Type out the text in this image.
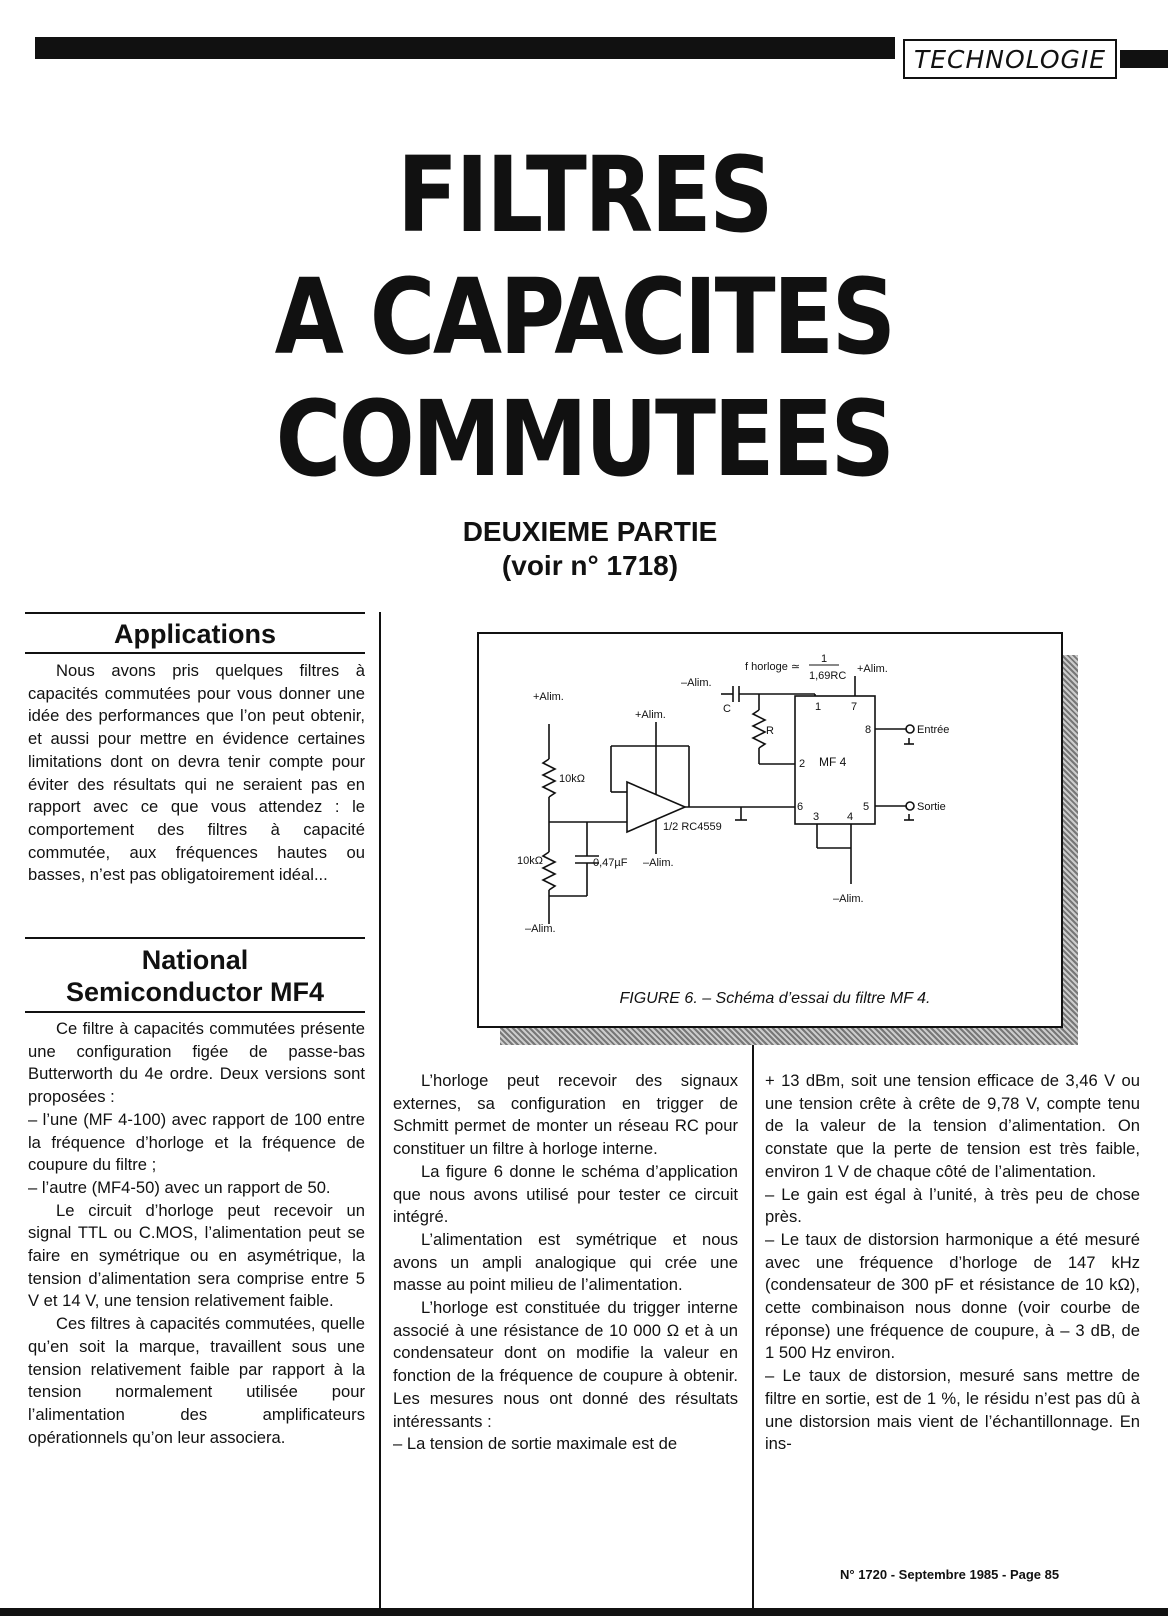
TECHNOLOGIE
FILTRES
A CAPACITES
COMMUTEES
DEUXIEME PARTIE
(voir n° 1718)
Applications

Nous avons pris quelques filtres à capacités commutées pour vous donner une idée des performances que l’on peut obtenir, et aussi pour mettre en évidence certaines limitations dont on devra tenir compte pour éviter des résultats qui ne seraient pas en rapport avec ce que vous attendez : le comportement des filtres à capacité commutée, aux fréquences hautes ou basses, n’est pas obligatoirement idéal...

National
Semiconductor MF4

Ce filtre à capacités commutées présente une configuration figée de passe-bas Butterworth du 4e ordre. Deux versions sont proposées :

– l’une (MF 4-100) avec rapport de 100 entre la fréquence d’horloge et la fréquence de coupure du filtre ;

– l’autre (MF4-50) avec un rapport de 50.

Le circuit d’horloge peut recevoir un signal TTL ou C.MOS, l’alimentation peut se faire en symétrique ou en asymétrique, la tension d’alimentation sera comprise entre 5 V et 14 V, une tension relativement faible.

Ces filtres à capacités commutées, quelle qu’en soit la marque, travaillent sous une tension relativement faible par rapport à la tension normalement utilisée pour l’alimentation des amplificateurs opérationnels qu’on leur associera.

+Alim.
+Alim.
+Alim.
–Alim.
–Alim.
–Alim.
–Alim.
10kΩ
10kΩ	0,47µF
1/2 RC4559
MF 4
C
R
f horloge ≃
1
1,69RC
Entrée
Sortie
1
2
3	4
5
6
7
8
FIGURE 6. – Schéma d’essai du filtre MF 4.

L’horloge peut recevoir des signaux externes, sa configuration en trigger de Schmitt permet de monter un réseau RC pour constituer un filtre à horloge interne.

La figure 6 donne le schéma d’application que nous avons utilisé pour tester ce circuit intégré.

L’alimentation est symétrique et nous avons un ampli analogique qui crée une masse au point milieu de l’alimentation.

L’horloge est constituée du trigger interne associé à une résistance de 10 000 Ω et à un condensateur dont on modifie la valeur en fonction de la fréquence de coupure à obtenir. Les mesures nous ont donné des résultats intéressants :

– La tension de sortie maximale est de

+ 13 dBm, soit une tension efficace de 3,46 V ou une tension crête à crête de 9,78 V, compte tenu de la valeur de la tension d’alimentation. On constate que la perte de tension est très faible, environ 1 V de chaque côté de l’alimentation.

– Le gain est égal à l’unité, à très peu de chose près.

– Le taux de distorsion harmonique a été mesuré avec une fréquence d’horloge de 147 kHz (condensateur de 300 pF et résistance de 10 kΩ), cette combinaison nous donne (voir courbe de réponse) une fréquence de coupure, à – 3 dB, de 1 500 Hz environ.

– Le taux de distorsion, mesuré sans mettre de filtre en sortie, est de 1 %, le résidu n’est pas dû à une distorsion mais vient de l’échantillonnage. En ins-

N° 1720 - Septembre 1985 - Page 85
